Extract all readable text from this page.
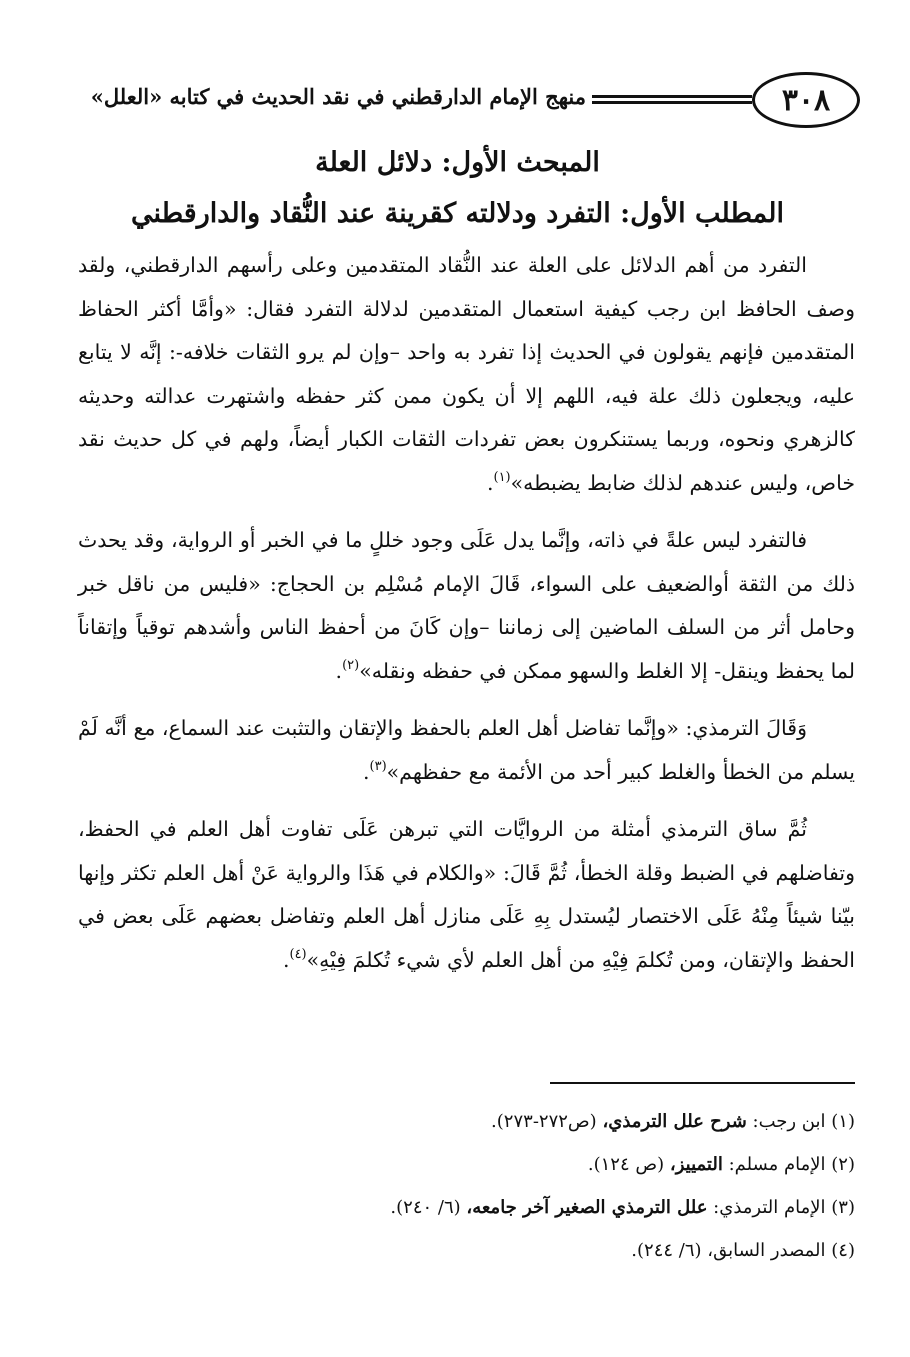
٣٠٨
منهج الإمام الدارقطني في نقد الحديث في كتابه «العلل»
المبحث الأول: دلائل العلة
المطلب الأول: التفرد ودلالته كقرينة عند النُّقاد والدارقطني

التفرد من أهم الدلائل على العلة عند النُّقاد المتقدمين وعلى رأسهم الدارقطني، ولقد وصف الحافظ ابن رجب كيفية استعمال المتقدمين لدلالة التفرد فقال: «وأمَّا أكثر الحفاظ المتقدمين فإنهم يقولون في الحديث إذا تفرد به واحد –وإن لم يرو الثقات خلافه-: إنَّه لا يتابع عليه، ويجعلون ذلك علة فيه، اللهم إلا أن يكون ممن كثر حفظه واشتهرت عدالته وحديثه كالزهري ونحوه، وربما يستنكرون بعض تفردات الثقات الكبار أيضاً، ولهم في كل حديث نقد خاص، وليس عندهم لذلك ضابط يضبطه»$^{(١)}$.

فالتفرد ليس علةً في ذاته، وإنَّما يدل عَلَى وجود خللٍ ما في الخبر أو الرواية، وقد يحدث ذلك من الثقة أوالضعيف على السواء، قَالَ الإمام مُسْلِم بن الحجاج: «فليس من ناقل خبر وحامل أثر من السلف الماضين إلى زماننا –وإن كَانَ من أحفظ الناس وأشدهم توقياً وإتقاناً لما يحفظ وينقل- إلا الغلط والسهو ممكن في حفظه ونقله»$^{(٢)}$.

وَقَالَ الترمذي: «وإنَّما تفاضل أهل العلم بالحفظ والإتقان والتثبت عند السماع، مع أنَّه لَمْ يسلم من الخطأ والغلط كبير أحد من الأئمة مع حفظهم»$^{(٣)}$.

ثُمَّ ساق الترمذي أمثلة من الروايَّات التي تبرهن عَلَى تفاوت أهل العلم في الحفظ، وتفاضلهم في الضبط وقلة الخطأ، ثُمَّ قَالَ: «والكلام في هَذَا والرواية عَنْ أهل العلم تكثر وإنها بيّنا شيئاً مِنْهُ عَلَى الاختصار ليُستدل بِهِ عَلَى منازل أهل العلم وتفاضل بعضهم عَلَى بعض في الحفظ والإتقان، ومن تُكلمَ فِيْهِ من أهل العلم لأي شيء تُكلمَ فِيْهِ»$^{(٤)}$.

(١) ابن رجب: شرح علل الترمذي، (ص٢٧٢-٢٧٣).
(٢) الإمام مسلم: التمييز، (ص ١٢٤).
(٣) الإمام الترمذي: علل الترمذي الصغير آخر جامعه، (٦/ ٢٤٠).
(٤) المصدر السابق، (٦/ ٢٤٤).
